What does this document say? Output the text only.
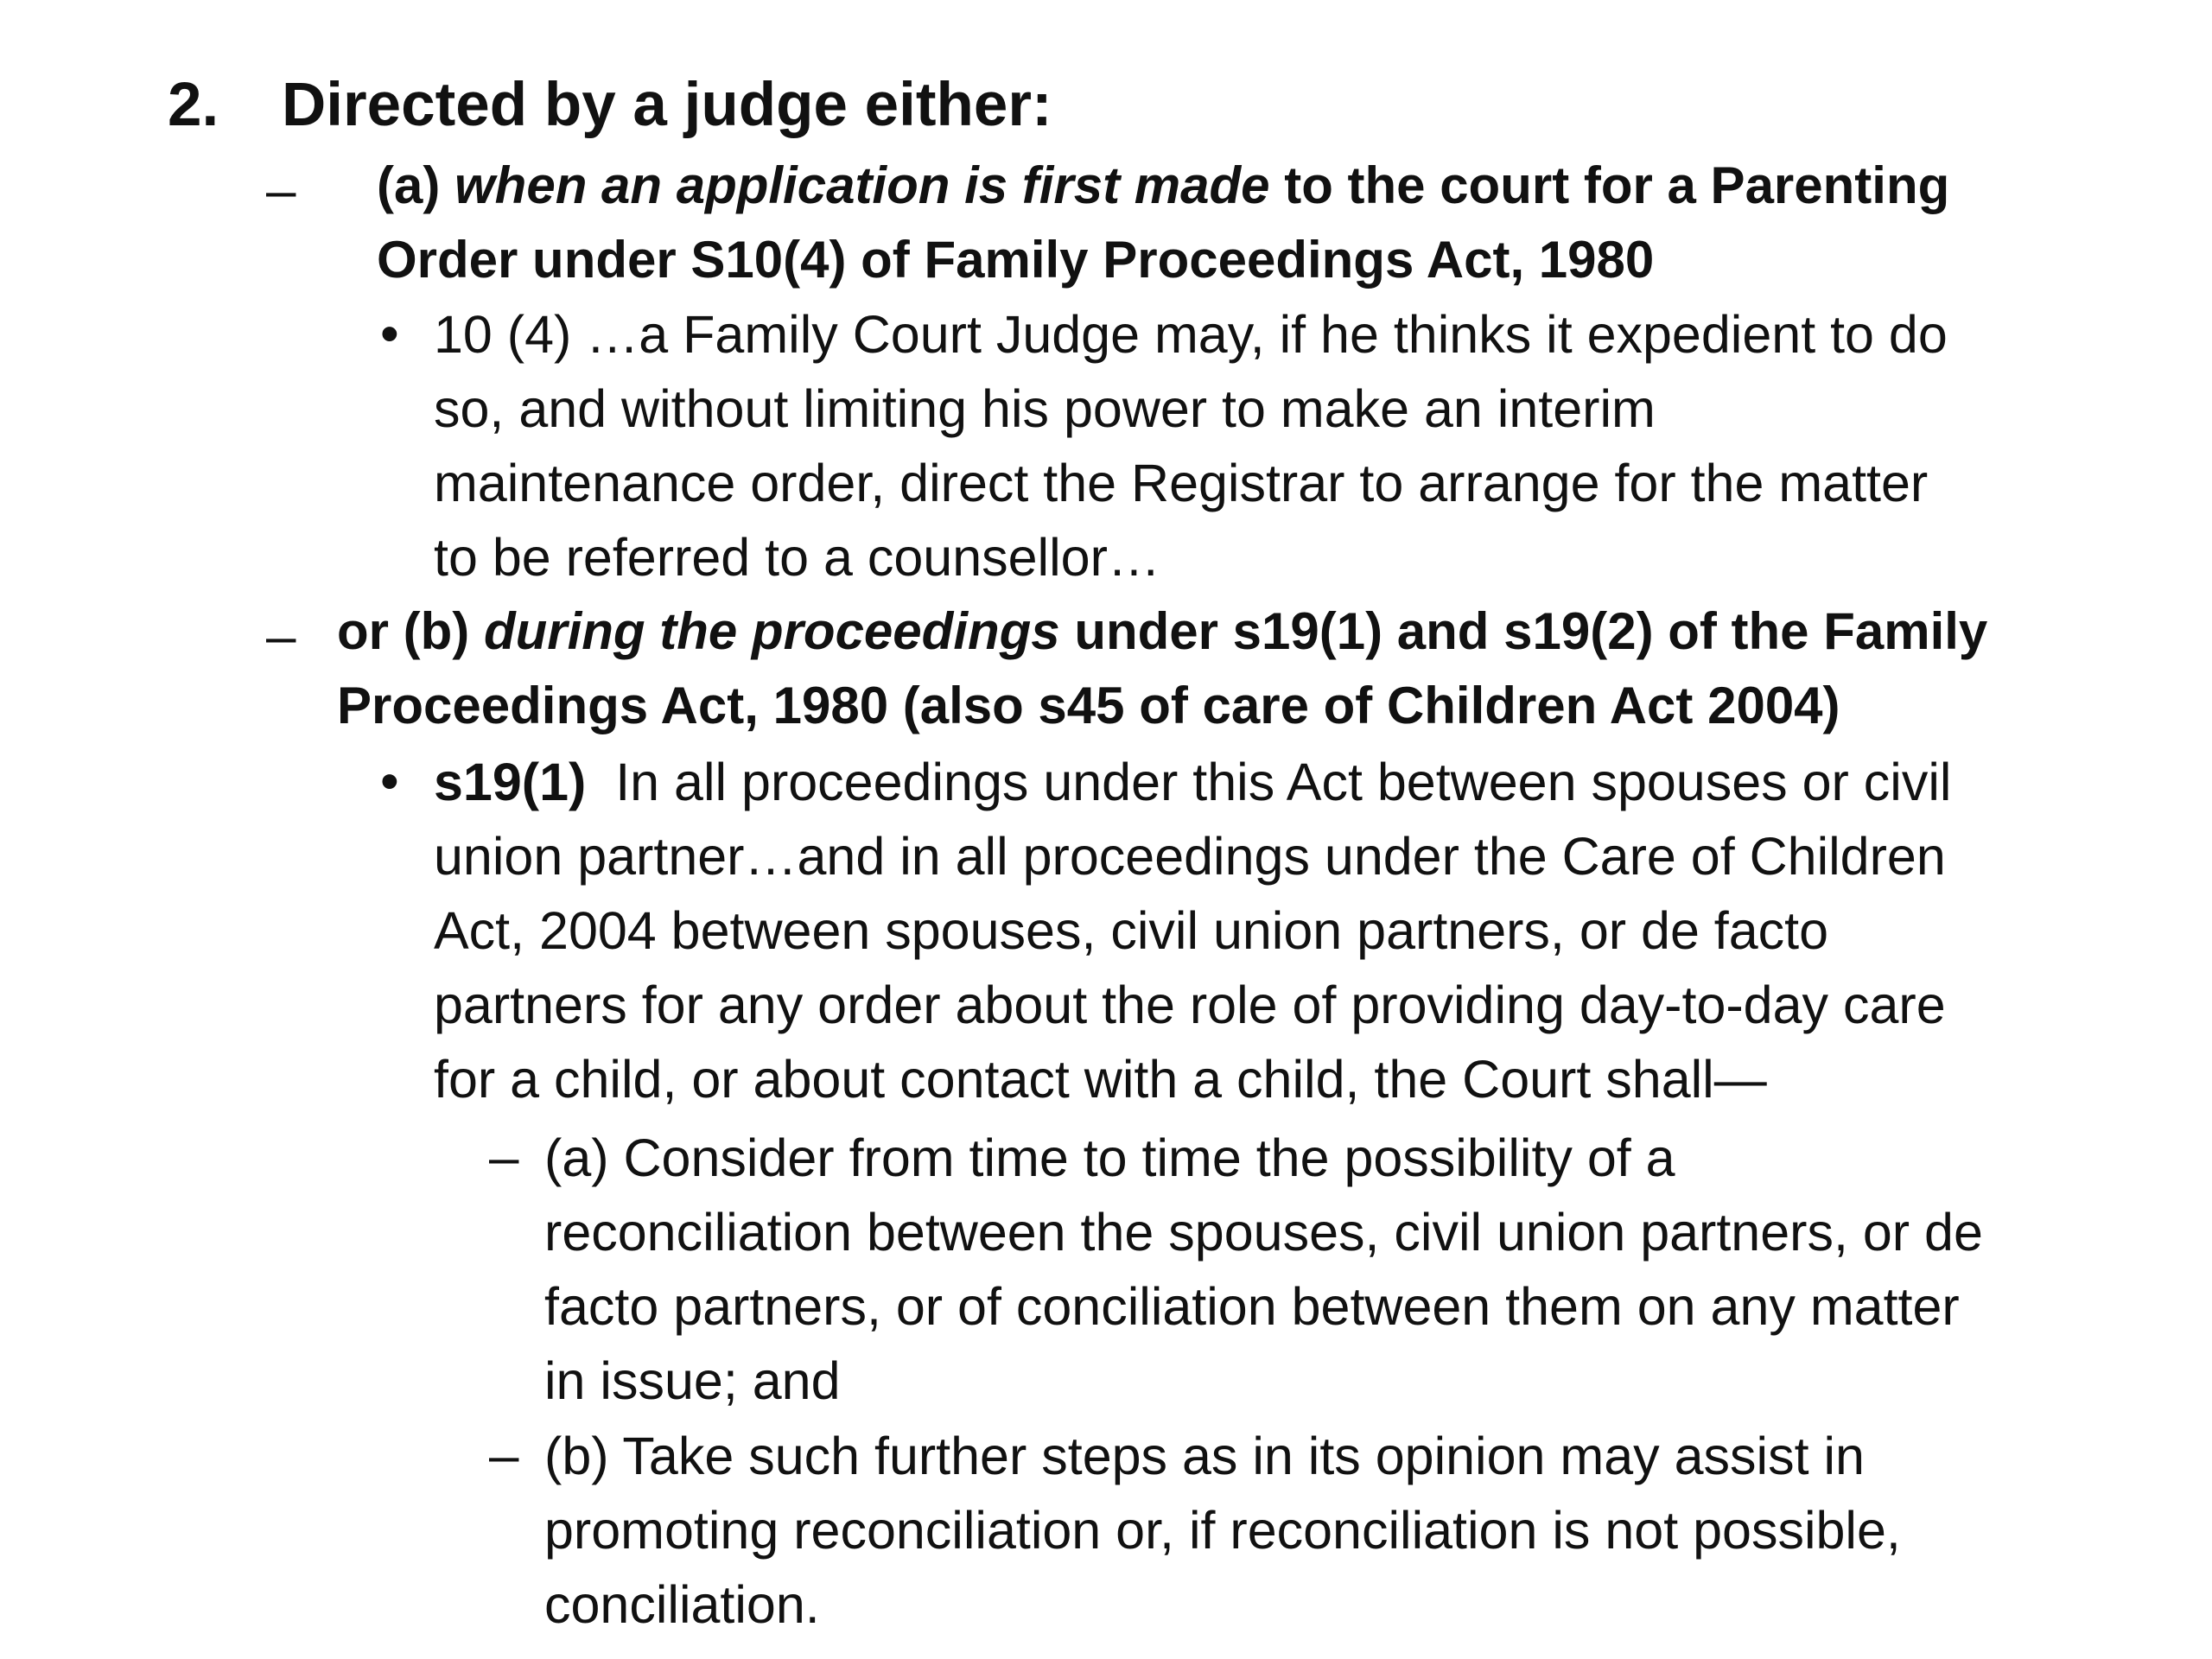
2. Directed by a judge either:
– (a) when an application is first made to the court for a Parenting
Order under S10(4) of Family Proceedings Act, 1980
• 10 (4) …a Family Court Judge may, if he thinks it expedient to do
so, and without limiting his power to make an interim
maintenance order, direct the Registrar to arrange for the matter
to be referred to a counsellor…
– or (b) during the proceedings under s19(1) and s19(2) of the Family
Proceedings Act, 1980 (also s45 of care of Children Act 2004)
• s19(1)  In all proceedings under this Act between spouses or civil
union partner…and in all proceedings under the Care of Children
Act, 2004 between spouses, civil union partners, or de facto
partners for any order about the role of providing day-to-day care
for a child, or about contact with a child, the Court shall—
– (a) Consider from time to time the possibility of a
reconciliation between the spouses, civil union partners, or de
facto partners, or of conciliation between them on any matter
in issue; and
– (b) Take such further steps as in its opinion may assist in
promoting reconciliation or, if reconciliation is not possible,
conciliation.
